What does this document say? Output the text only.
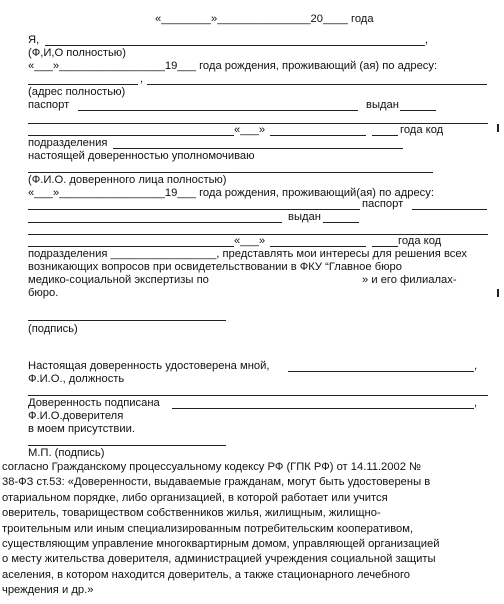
«________»_______________20____ года
Я,	,
(Ф,И,О полностью)
«___»_________________19___ года рождения, проживающий (ая) по адресу:
,
(адрес полностью)
паспорт	выдан
«___»	года код
подразделения
настоящей доверенностью уполномочиваю
(Ф.И.О. доверенного лица полностью)
«___»_________________19___ года рождения, проживающий(ая) по адресу:
паспорт
выдан
«___»	года код
подразделения _________________, представлять мои интересы для решения всех
возникающих вопросов при освидетельствовании в ФКУ “Главное бюро
медико-социальной экспертизы по	» и его филиалах-
бюро.
(подпись)
Настоящая доверенность удостоверена мной,	,
Ф.И.О., должность
Доверенность подписана	,
Ф.И.О.доверителя
в моем присутствии.
М.П. (подпись)
согласно Гражданскому процессуальному кодексу РФ (ГПК РФ) от 14.11.2002 №
38-ФЗ ст.53: «Доверенности, выдаваемые гражданам, могут быть удостоверены в
отариальном порядке, либо организацией, в которой работает или учится
оверитель, товариществом собственников жилья, жилищным, жилищно-
троительным или иным специализированным потребительским кооперативом,
существляющим управление многоквартирным домом, управляющей организацией
о месту жительства доверителя, администрацией учреждения социальной защиты
аселения, в котором находится доверитель, а также стационарного лечебного
чреждения и др.»
